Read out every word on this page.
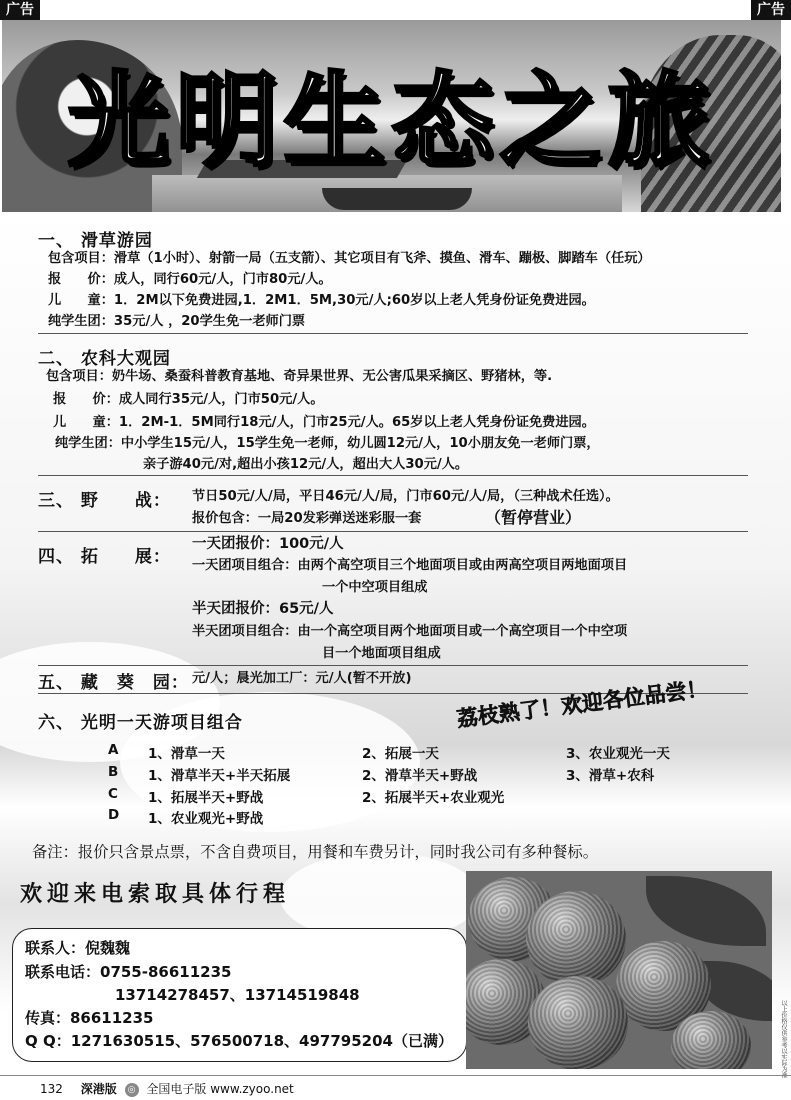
广告	广告
光明生态之旅
一、 滑草游园
包含项目：滑草（1小时）、射箭一局（五支箭）、其它项目有飞斧、摸鱼、滑车、蹦极、脚踏车（任玩）
报　　价：成人，同行60元/人，门市80元/人。
儿　　童：1．2M以下免费进园,1．2M1．5M,30元/人;60岁以上老人凭身份证免费进园。
纯学生团：35元/人 ，20学生免一老师门票
二、 农科大观园
包含项目：奶牛场、桑蚕科普教育基地、奇异果世界、无公害瓜果采摘区、野猪林，等.
报　　价：成人同行35元/人，门市50元/人。
儿　　童：1．2M-1．5M同行18元/人，门市25元/人。65岁以上老人凭身份证免费进园。
纯学生团：中小学生15元/人，15学生免一老师，幼儿圆12元/人，10小朋友免一老师门票，
亲子游40元/对,超出小孩12元/人，超出大人30元/人。
三、 野　　战： 节日50元/人/局，平日46元/人/局，门市60元/人/局，（三种战术任选）。
报价包含：一局20发彩弹送迷彩服一套	（暂停营业）
四、 拓　　展：
一天团报价：100元/人
一天团项目组合：由两个高空项目三个地面项目或由两高空项目两地面项目
一个中空项目组成
半天团报价：65元/人
半天团项目组合：由一个高空项目两个地面项目或一个高空项目一个中空项
目一个地面项目组成
五、 藏　葵　园： 元/人；晨光加工厂：元/人(暂不开放) 荔枝熟了！欢迎各位品尝！
六、 光明一天游项目组合
A 1、滑草一天	2、拓展一天	3、农业观光一天
B 1、滑草半天+半天拓展	2、滑草半天+野战	3、滑草+农科
C 1、拓展半天+野战	2、拓展半天+农业观光
D 1、农业观光+野战
备注：报价只含景点票，不含自费项目，用餐和车费另计，同时我公司有多种餐标。
欢迎来电索取具体行程
联系人：倪魏魏
联系电话：0755-86611235
13714278457、13714519848
传真：86611235
Q Q：1271630515、576500718、497795204（已满）	以上价格仅供参考以实际为准
132 深港版 ◎ 全国电子版 www.zyoo.net
